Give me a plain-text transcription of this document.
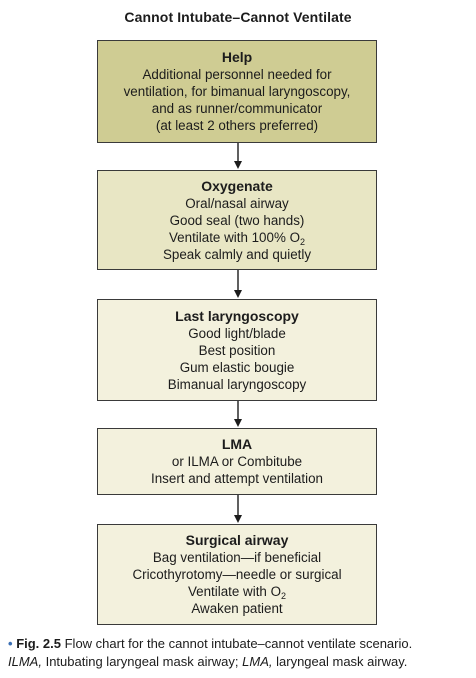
Cannot Intubate–Cannot Ventilate
Help
Additional personnel needed for
ventilation, for bimanual laryngoscopy,
and as runner/communicator
(at least 2 others preferred)
Oxygenate
Oral/nasal airway
Good seal (two hands)
Ventilate with 100% $O_2$
Speak calmly and quietly
Last laryngoscopy
Good light/blade
Best position
Gum elastic bougie
Bimanual laryngoscopy
LMA
or ILMA or Combitube
Insert and attempt ventilation
Surgical airway
Bag ventilation—if beneficial
Cricothyrotomy—needle or surgical
Ventilate with $O_2$
Awaken patient
• Fig. 2.5 Flow chart for the cannot intubate–cannot ventilate scenario.
ILMA, Intubating laryngeal mask airway; LMA, laryngeal mask airway.
